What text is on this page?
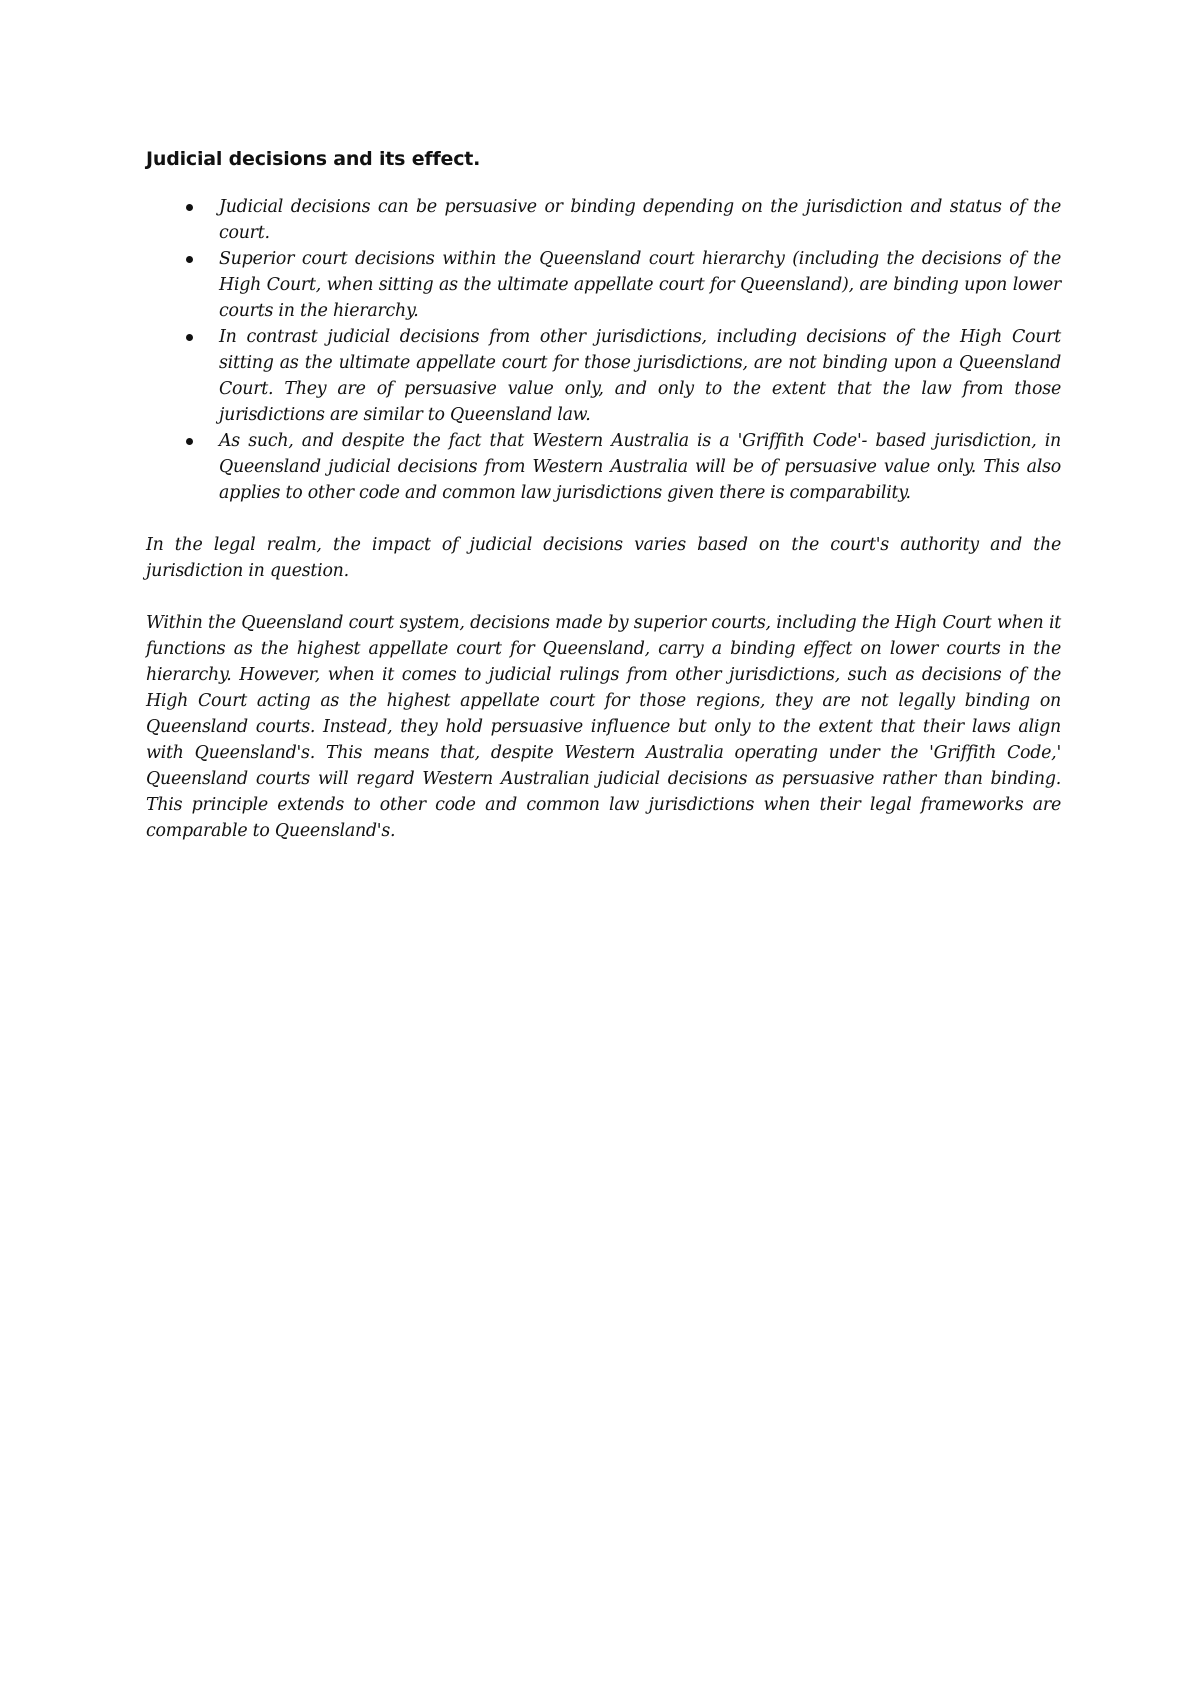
Judicial decisions and its effect.
Judicial decisions can be persuasive or binding depending on the jurisdiction and status of the court.
Superior court decisions within the Queensland court hierarchy (including the decisions of the High Court, when sitting as the ultimate appellate court for Queensland), are binding upon lower courts in the hierarchy.
In contrast judicial decisions from other jurisdictions, including decisions of the High Court sitting as the ultimate appellate court for those jurisdictions, are not binding upon a Queensland Court. They are of persuasive value only, and only to the extent that the law from those jurisdictions are similar to Queensland law.
As such, and despite the fact that Western Australia is a 'Griffith Code'- based jurisdiction, in Queensland judicial decisions from Western Australia will be of persuasive value only. This also applies to other code and common law jurisdictions given there is comparability.

In the legal realm, the impact of judicial decisions varies based on the court's authority and the jurisdiction in question.

Within the Queensland court system, decisions made by superior courts, including the High Court when it functions as the highest appellate court for Queensland, carry a binding effect on lower courts in the hierarchy. However, when it comes to judicial rulings from other jurisdictions, such as decisions of the High Court acting as the highest appellate court for those regions, they are not legally binding on Queensland courts. Instead, they hold persuasive influence but only to the extent that their laws align with Queensland's. This means that, despite Western Australia operating under the 'Griffith Code,' Queensland courts will regard Western Australian judicial decisions as persuasive rather than binding. This principle extends to other code and common law jurisdictions when their legal frameworks are comparable to Queensland's.
